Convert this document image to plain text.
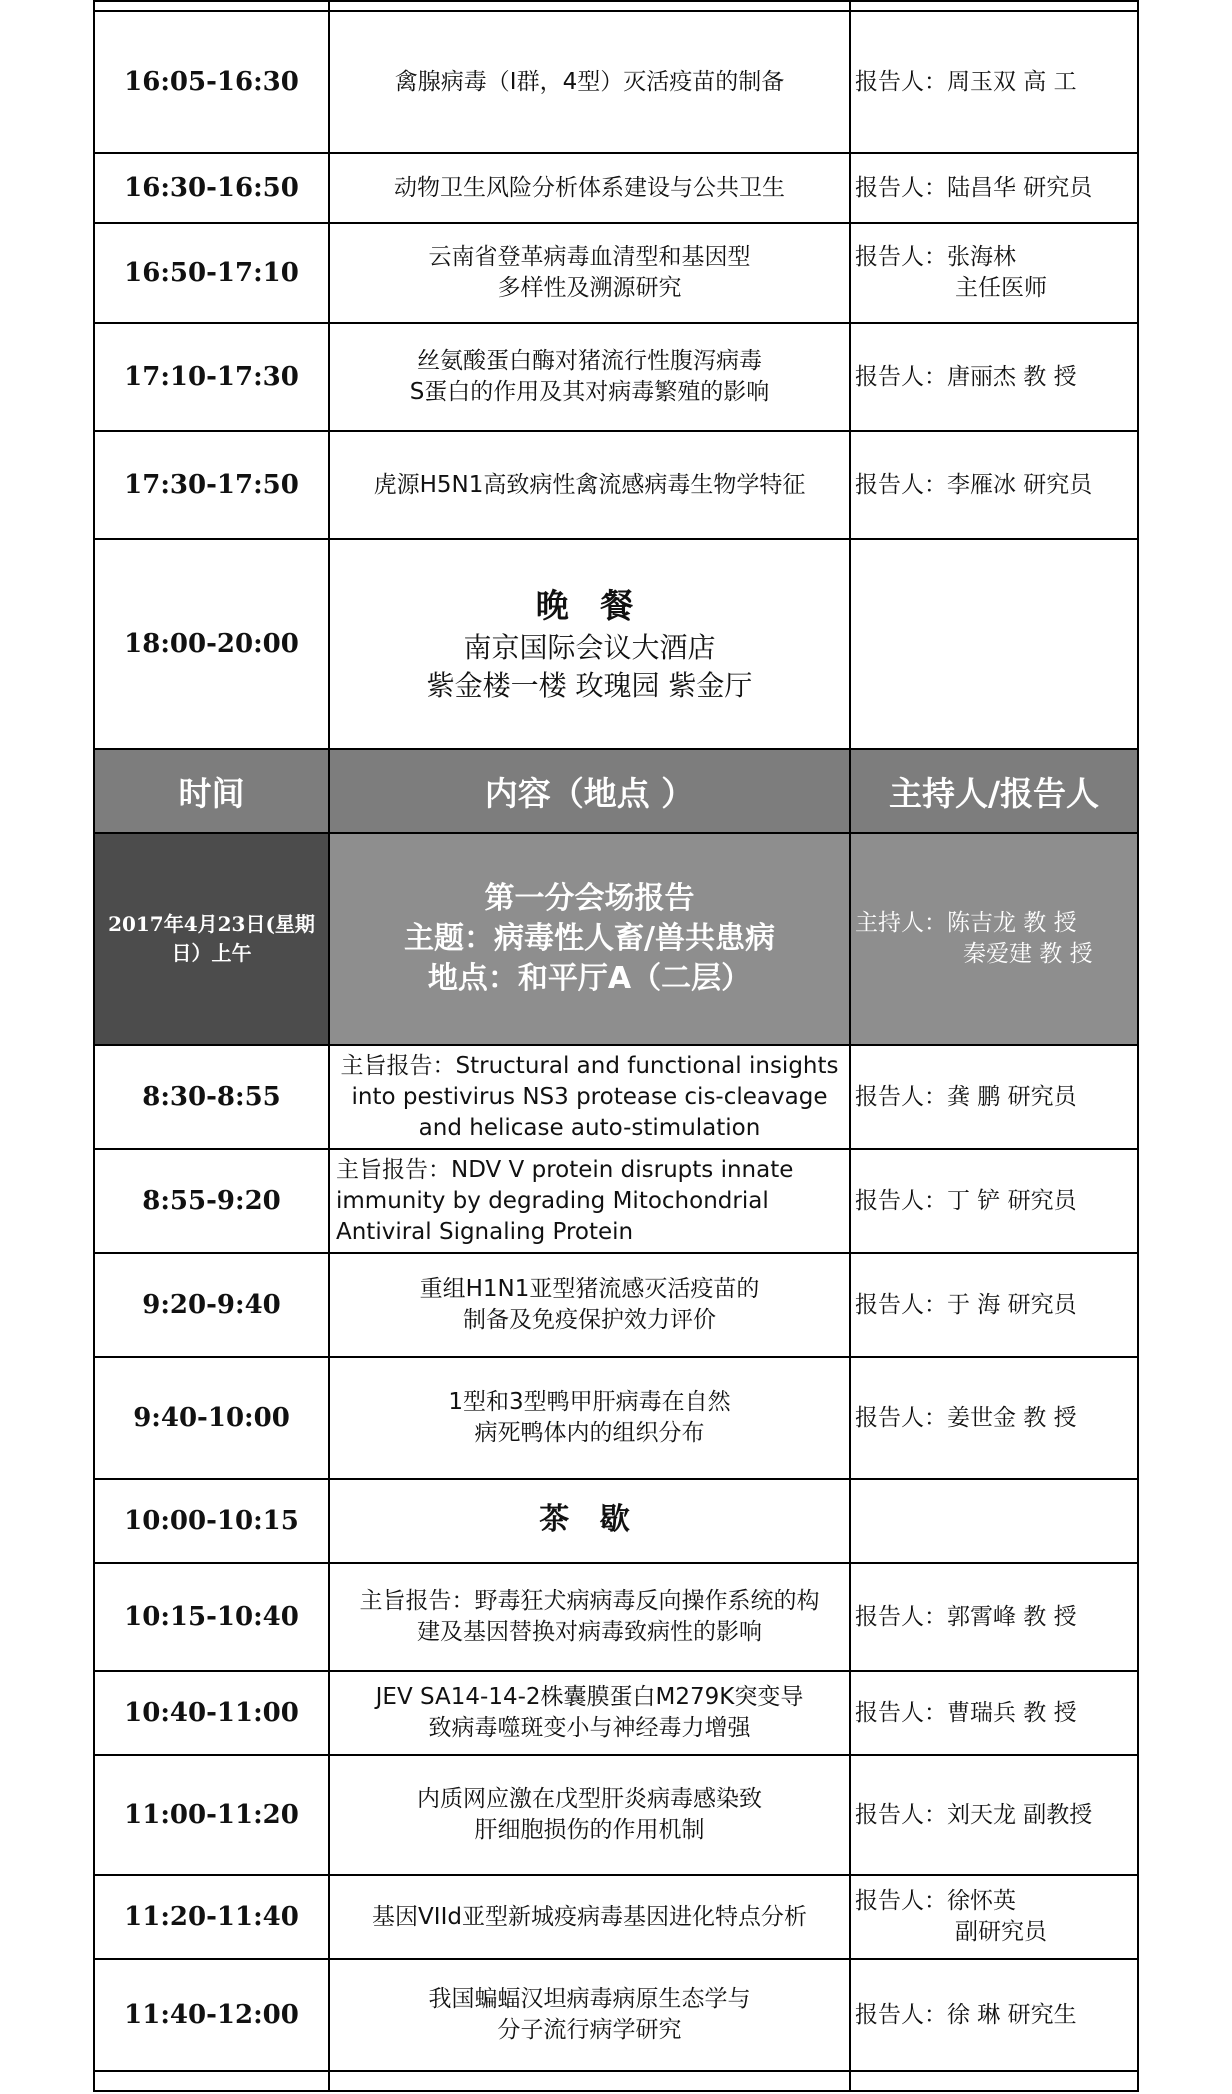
16:05-16:30	禽腺病毒（I群，4型）灭活疫苗的制备	报告人：周玉双 高 工

16:30-16:50	动物卫生风险分析体系建设与公共卫生	报告人：陆昌华 研究员

16:50-17:10	云南省登革病毒血清型和基因型
多样性及溯源研究	报告人：张海林
主任医师

17:10-17:30	丝氨酸蛋白酶对猪流行性腹泻病毒
S蛋白的作用及其对病毒繁殖的影响	报告人：唐丽杰 教 授

17:30-17:50	虎源H5N1高致病性禽流感病毒生物学特征	报告人：李雁冰 研究员

18:00-20:00	晚 餐
南京国际会议大酒店
紫金楼一楼 玫瑰园 紫金厅	

时间	内容（地点 ）	主持人/报告人
2017年4月23日(星期日）上午	第一分会场报告
主题：病毒性人畜/兽共患病
地点：和平厅A（二层）	主持人：陈吉龙 教 授
秦爱建 教 授

8:30-8:55	主旨报告：Structural and functional insights
into pestivirus NS3 protease cis-cleavage
and helicase auto-stimulation	报告人：龚 鹏 研究员

8:55-9:20	主旨报告：NDV V protein disrupts innate
immunity by degrading Mitochondrial
Antiviral Signaling Protein	报告人：丁 铲 研究员

9:20-9:40	重组H1N1亚型猪流感灭活疫苗的
制备及免疫保护效力评价	报告人：于 海 研究员

9:40-10:00	1型和3型鸭甲肝病毒在自然
病死鸭体内的组织分布	报告人：姜世金 教 授

10:00-10:15	茶 歇	
10:15-10:40	主旨报告：野毒狂犬病病毒反向操作系统的构
建及基因替换对病毒致病性的影响	报告人：郭霄峰 教 授

10:40-11:00	JEV SA14-14-2株囊膜蛋白M279K突变导
致病毒噬斑变小与神经毒力增强	报告人：曹瑞兵 教 授

11:00-11:20	内质网应激在戊型肝炎病毒感染致
肝细胞损伤的作用机制	报告人：刘天龙 副教授

11:20-11:40	基因VIId亚型新城疫病毒基因进化特点分析	报告人：徐怀英
副研究员

11:40-12:00	我国蝙蝠汉坦病毒病原生态学与
分子流行病学研究	报告人：徐 琳 研究生
